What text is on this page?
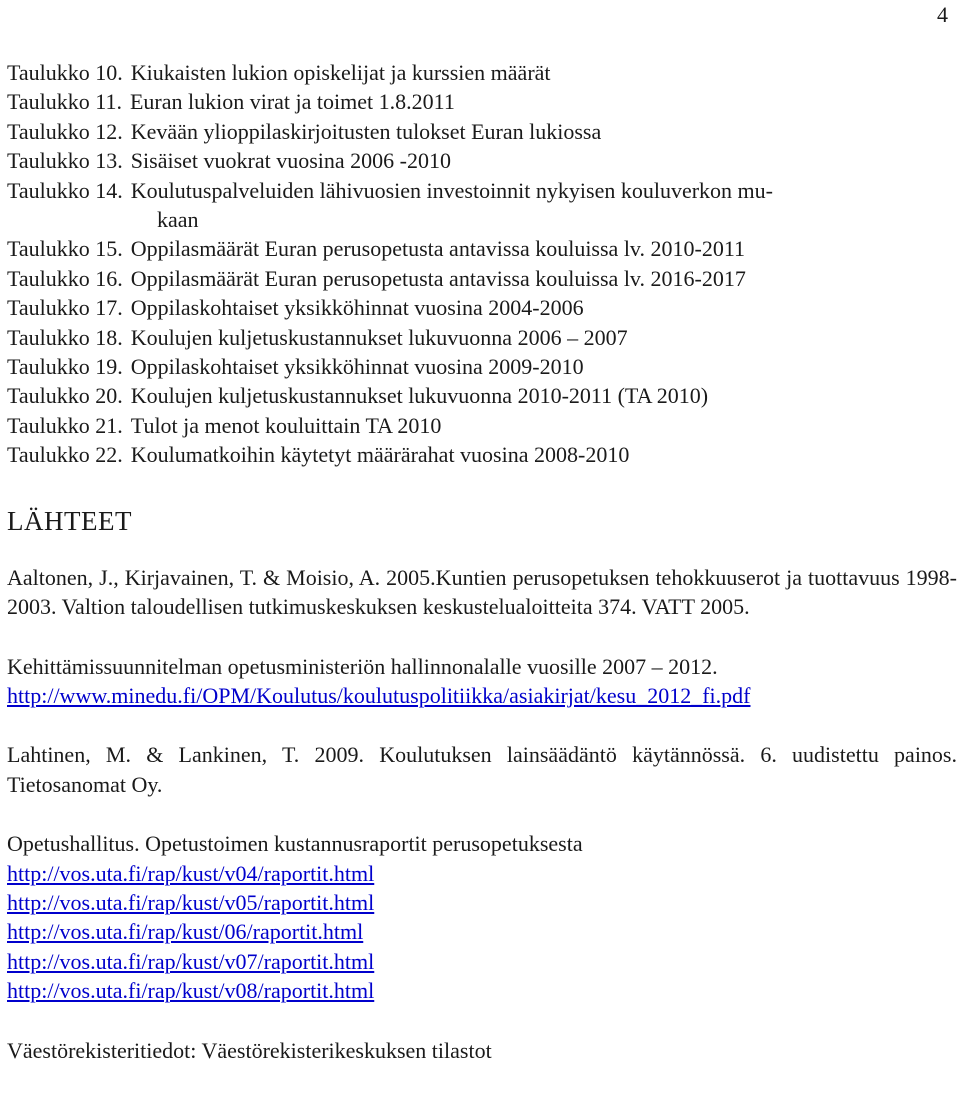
4
Taulukko 10. Kiukaisten lukion opiskelijat ja kurssien määrät
Taulukko 11. Euran lukion virat ja toimet 1.8.2011
Taulukko 12. Kevään ylioppilaskirjoitusten tulokset Euran lukiossa
Taulukko 13. Sisäiset vuokrat vuosina 2006 -2010
Taulukko 14. Koulutuspalveluiden lähivuosien investoinnit nykyisen kouluverkon mu-
kaan
Taulukko 15. Oppilasmäärät Euran perusopetusta antavissa kouluissa lv. 2010-2011
Taulukko 16. Oppilasmäärät Euran perusopetusta antavissa kouluissa lv. 2016-2017
Taulukko 17. Oppilaskohtaiset yksikköhinnat vuosina 2004-2006
Taulukko 18. Koulujen kuljetuskustannukset lukuvuonna 2006 – 2007
Taulukko 19. Oppilaskohtaiset yksikköhinnat vuosina 2009-2010
Taulukko 20. Koulujen kuljetuskustannukset lukuvuonna 2010-2011 (TA 2010)
Taulukko 21. Tulot ja menot kouluittain TA 2010
Taulukko 22. Koulumatkoihin käytetyt määrärahat vuosina 2008-2010
LÄHTEET

Aaltonen, J., Kirjavainen, T. & Moisio, A. 2005.Kuntien perusopetuksen tehokkuuserot ja tuottavuus 1998-2003. Valtion taloudellisen tutkimuskeskuksen keskustelualoitteita 374. VATT 2005.

Kehittämissuunnitelman opetusministeriön hallinnonalalle vuosille 2007 – 2012.

http://www.minedu.fi/OPM/Koulutus/koulutuspolitiikka/asiakirjat/kesu_2012_fi.pdf

Lahtinen, M. & Lankinen, T. 2009. Koulutuksen lainsäädäntö käytännössä. 6. uudistettu painos. Tietosanomat Oy.

Opetushallitus. Opetustoimen kustannusraportit perusopetuksesta

http://vos.uta.fi/rap/kust/v04/raportit.html

http://vos.uta.fi/rap/kust/v05/raportit.html

http://vos.uta.fi/rap/kust/06/raportit.html

http://vos.uta.fi/rap/kust/v07/raportit.html

http://vos.uta.fi/rap/kust/v08/raportit.html

Väestörekisteritiedot: Väestörekisterikeskuksen tilastot
